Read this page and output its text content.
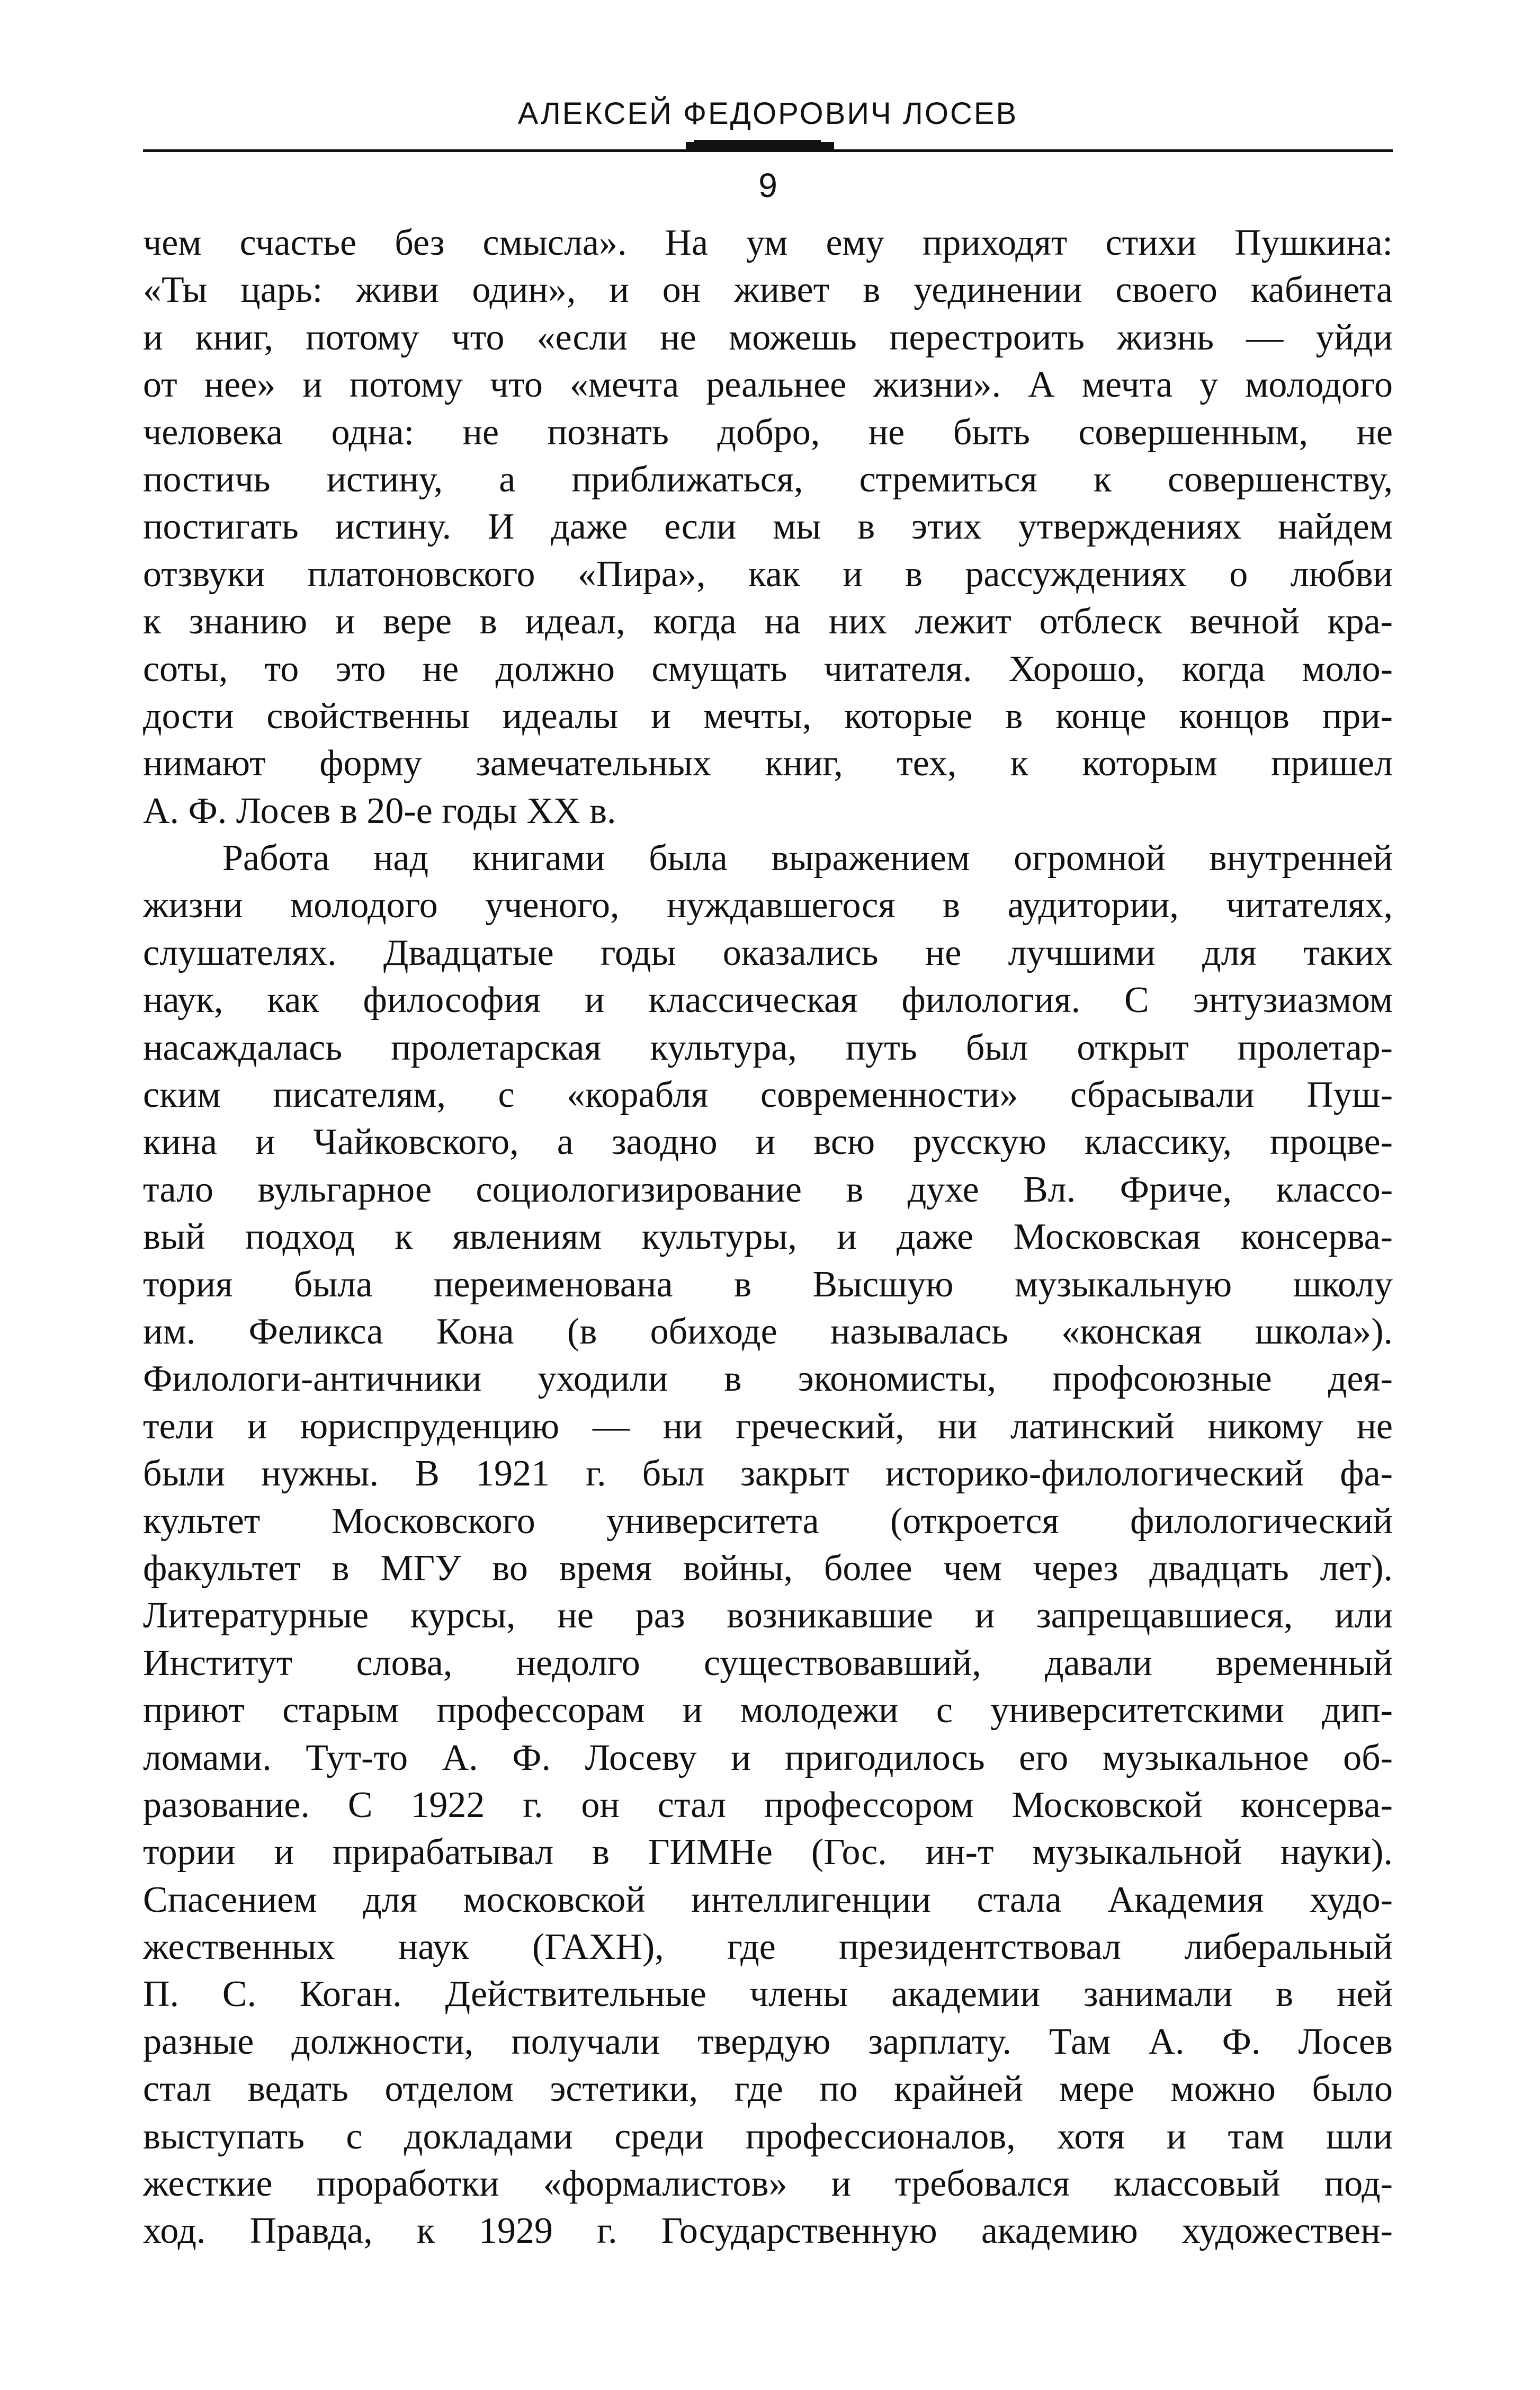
АЛЕКСЕЙ ФЕДОРОВИЧ ЛОСЕВ
9
чем счастье без смысла». На ум ему приходят стихи Пушкина:
«Ты царь: живи один», и он живет в уединении своего кабинета
и книг, потому что «если не можешь перестроить жизнь — уйди
от нее» и потому что «мечта реальнее жизни». А мечта у молодого
человека одна: не познать добро, не быть совершенным, не
постичь истину, а приближаться, стремиться к совершенству,
постигать истину. И даже если мы в этих утверждениях найдем
отзвуки платоновского «Пира», как и в рассуждениях о любви
к знанию и вере в идеал, когда на них лежит отблеск вечной кра-
соты, то это не должно смущать читателя. Хорошо, когда моло-
дости свойственны идеалы и мечты, которые в конце концов при-
нимают форму замечательных книг, тех, к которым пришел
А. Ф. Лосев в 20-е годы XX в.
Работа над книгами была выражением огромной внутренней
жизни молодого ученого, нуждавшегося в аудитории, читателях,
слушателях. Двадцатые годы оказались не лучшими для таких
наук, как философия и классическая филология. С энтузиазмом
насаждалась пролетарская культура, путь был открыт пролетар-
ским писателям, с «корабля современности» сбрасывали Пуш-
кина и Чайковского, а заодно и всю русскую классику, процве-
тало вульгарное социологизирование в духе Вл. Фриче, классо-
вый подход к явлениям культуры, и даже Московская консерва-
тория была переименована в Высшую музыкальную школу
им. Феликса Кона (в обиходе называлась «конская школа»).
Филологи-античники уходили в экономисты, профсоюзные дея-
тели и юриспруденцию — ни греческий, ни латинский никому не
были нужны. В 1921 г. был закрыт историко-филологический фа-
культет Московского университета (откроется филологический
факультет в МГУ во время войны, более чем через двадцать лет).
Литературные курсы, не раз возникавшие и запрещавшиеся, или
Институт слова, недолго существовавший, давали временный
приют старым профессорам и молодежи с университетскими дип-
ломами. Тут-то А. Ф. Лосеву и пригодилось его музыкальное об-
разование. С 1922 г. он стал профессором Московской консерва-
тории и прирабатывал в ГИМНе (Гос. ин-т музыкальной науки).
Спасением для московской интеллигенции стала Академия худо-
жественных наук (ГАХН), где президентствовал либеральный
П. С. Коган. Действительные члены академии занимали в ней
разные должности, получали твердую зарплату. Там А. Ф. Лосев
стал ведать отделом эстетики, где по крайней мере можно было
выступать с докладами среди профессионалов, хотя и там шли
жесткие проработки «формалистов» и требовался классовый под-
ход. Правда, к 1929 г. Государственную академию художествен-
